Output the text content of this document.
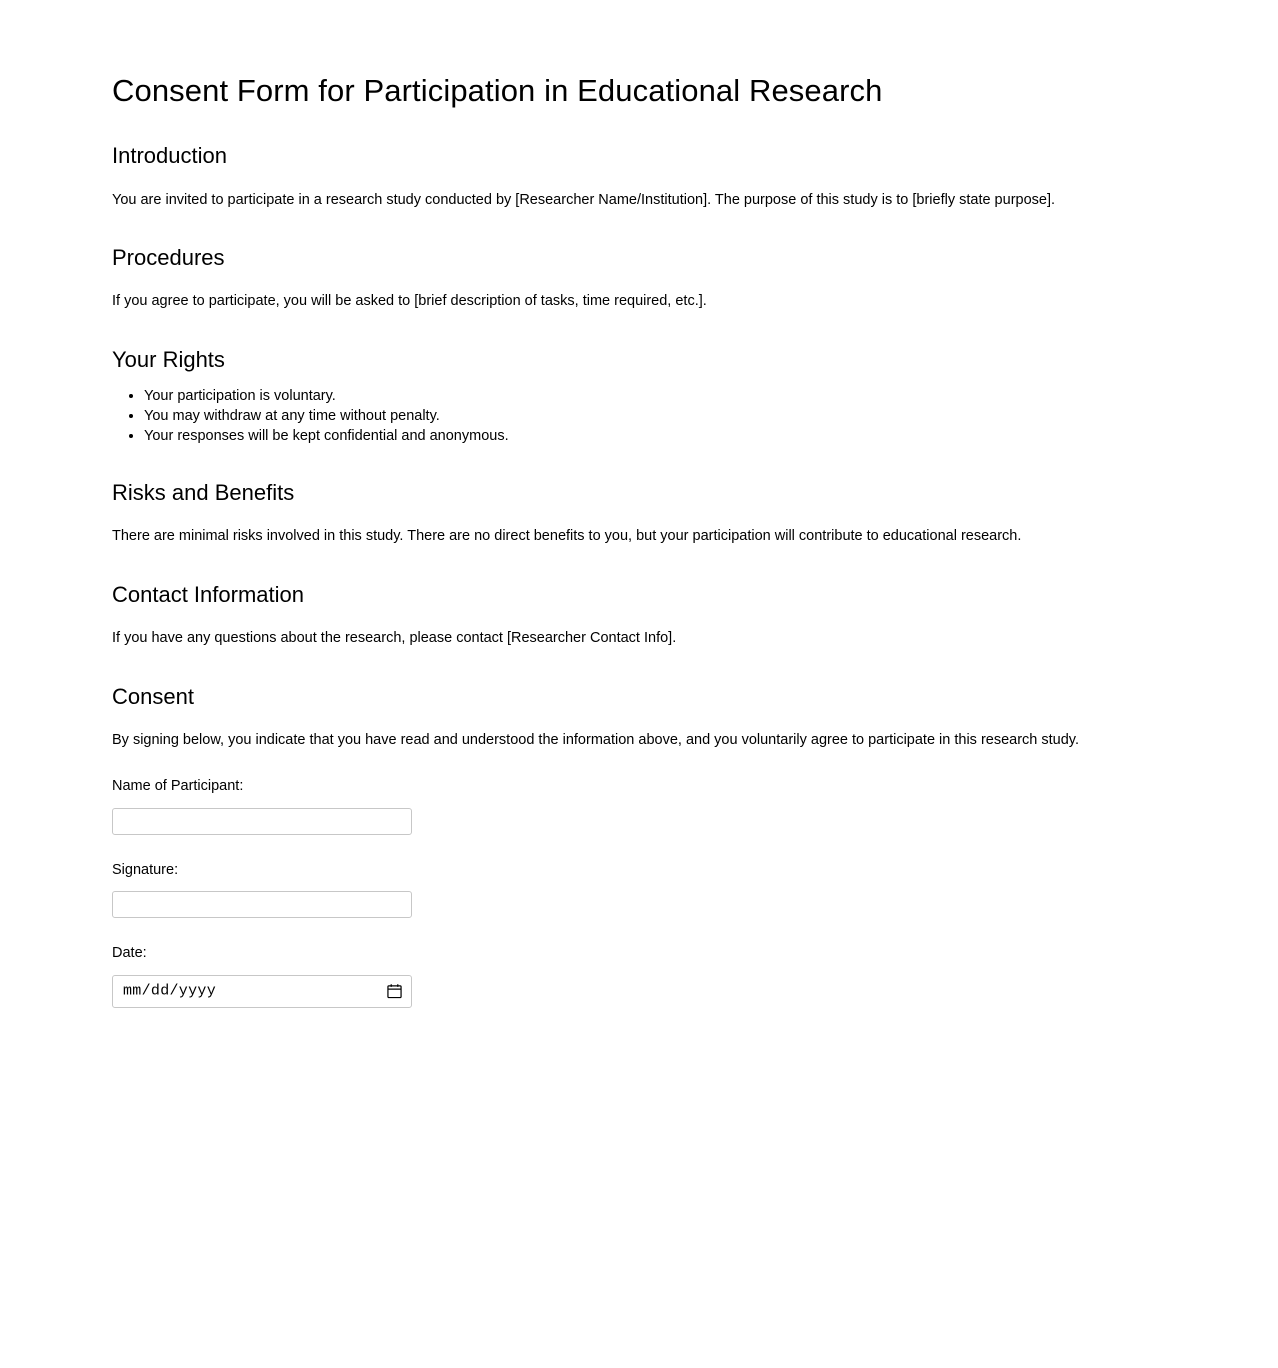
Consent Form for Participation in Educational Research
Introduction

You are invited to participate in a research study conducted by [Researcher Name/Institution]. The purpose of this study is to [briefly state purpose].

Procedures

If you agree to participate, you will be asked to [brief description of tasks, time required, etc.].

Your Rights
• Your participation is voluntary.
• You may withdraw at any time without penalty.
• Your responses will be kept confidential and anonymous.
Risks and Benefits

There are minimal risks involved in this study. There are no direct benefits to you, but your participation will contribute to educational research.

Contact Information

If you have any questions about the research, please contact [Researcher Contact Info].

Consent

By signing below, you indicate that you have read and understood the information above, and you voluntarily agree to participate in this research study.

Name of Participant:
Signature:
Date:
mm/dd/yyyy
